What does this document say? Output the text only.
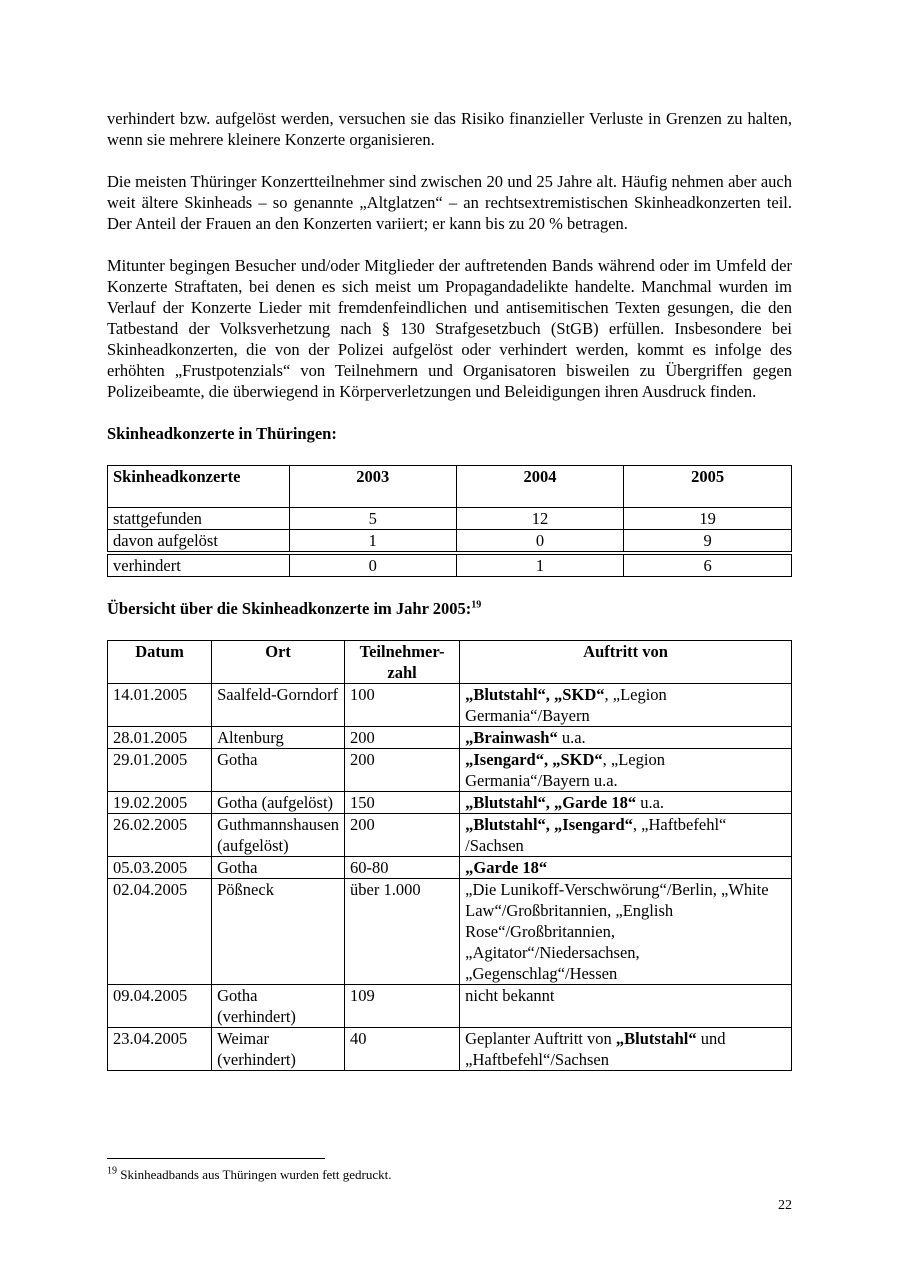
verhindert bzw. aufgelöst werden, versuchen sie das Risiko finanzieller Verluste in Grenzen zu halten, wenn sie mehrere kleinere Konzerte organisieren.

Die meisten Thüringer Konzertteilnehmer sind zwischen 20 und 25 Jahre alt. Häufig nehmen aber auch weit ältere Skinheads – so genannte „Altglatzen“ – an rechtsextremistischen Skinheadkonzerten teil. Der Anteil der Frauen an den Konzerten variiert; er kann bis zu 20 % betragen.

Mitunter begingen Besucher und/oder Mitglieder der auftretenden Bands während oder im Umfeld der Konzerte Straftaten, bei denen es sich meist um Propagandadelikte handelte. Manchmal wurden im Verlauf der Konzerte Lieder mit fremdenfeindlichen und antisemitischen Texten gesungen, die den Tatbestand der Volksverhetzung nach § 130 Strafgesetzbuch (StGB) erfüllen. Insbesondere bei Skinheadkonzerten, die von der Polizei aufgelöst oder verhindert werden, kommt es infolge des erhöhten „Frustpotenzials“ von Teilnehmern und Organisatoren bisweilen zu Übergriffen gegen Polizeibeamte, die überwiegend in Körperverletzungen und Beleidigungen ihren Ausdruck finden.

Skinheadkonzerte in Thüringen:

Skinheadkonzerte	2003	2004	2005
stattgefunden	5	12	19
davon aufgelöst	1	0	9
verhindert	0	1	6

Übersicht über die Skinheadkonzerte im Jahr 2005:$^{19}$

Datum	Ort	Teilnehmer-zahl	Auftritt von
14.01.2005	Saalfeld-Gorndorf	100	„Blutstahl“, „SKD“, „Legion Germania“/Bayern
28.01.2005	Altenburg	200	„Brainwash“ u.a.
29.01.2005	Gotha	200	„Isengard“, „SKD“, „Legion Germania“/Bayern u.a.
19.02.2005	Gotha (aufgelöst)	150	„Blutstahl“, „Garde 18“ u.a.
26.02.2005	Guthmannshausen (aufgelöst)	200	„Blutstahl“, „Isengard“, „Haftbefehl“ /Sachsen
05.03.2005	Gotha	60-80	„Garde 18“
02.04.2005	Pößneck	über 1.000	„Die Lunikoff-Verschwörung“/Berlin, „White Law“/Großbritannien, „English Rose“/Großbritannien, „Agitator“/Niedersachsen, „Gegenschlag“/Hessen
09.04.2005	Gotha (verhindert)	109	nicht bekannt
23.04.2005	Weimar (verhindert)	40	Geplanter Auftritt von „Blutstahl“ und „Haftbefehl“/Sachsen
$^{19}$ Skinheadbands aus Thüringen wurden fett gedruckt.
22
